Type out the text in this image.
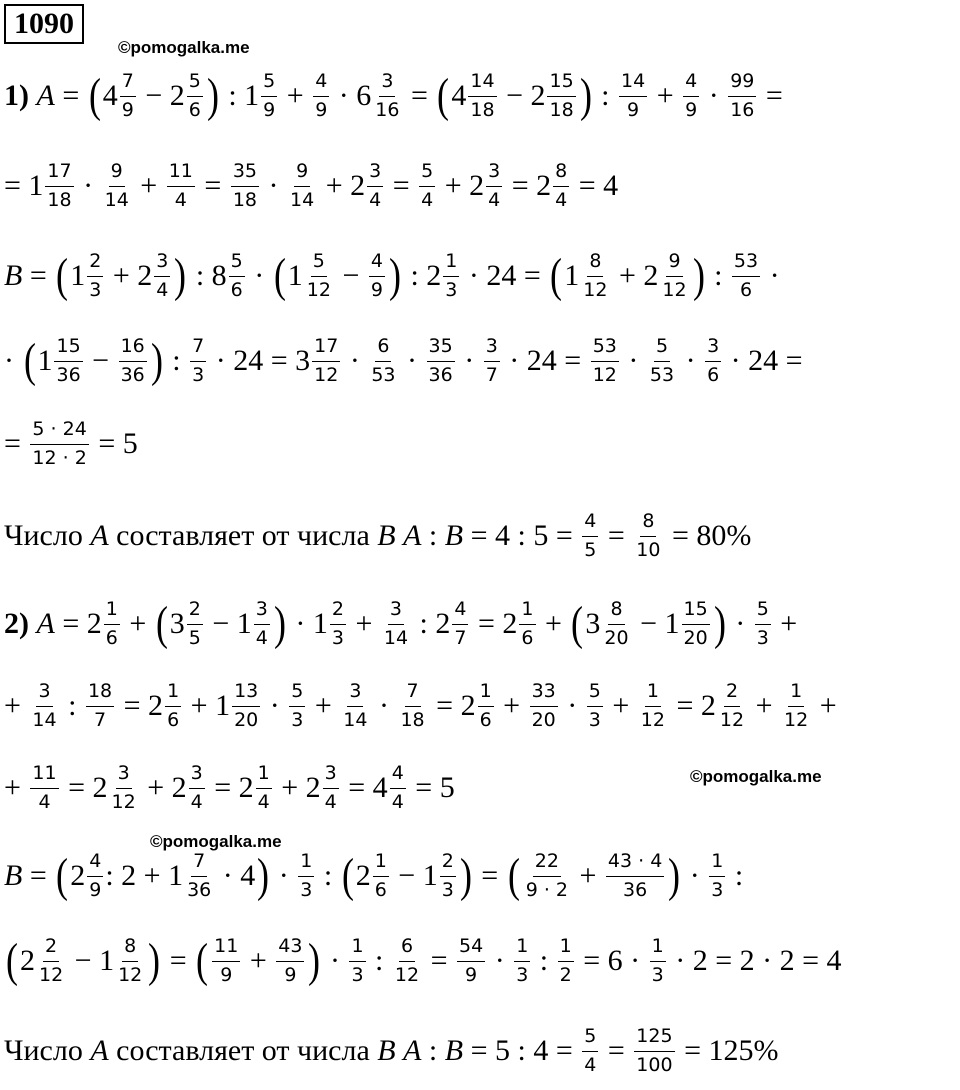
1090
©pomogalka.me
©pomogalka.me
©pomogalka.me
1) A = ( $4 \frac{7}{9} - 2 \frac{5}{6}$ ) : $1 \frac{5}{9} + \frac{4}{9} \cdot 6 \frac{3}{16}$ = ( $4 \frac{14}{18} - 2 \frac{15}{18}$ ) : $\frac{14}{9} + \frac{4}{9} \cdot \frac{99}{16}$ =
= $1 \frac{17}{18} \cdot \frac{9}{14} + \frac{11}{4} = \frac{35}{18} \cdot \frac{9}{14} + 2 \frac{3}{4} = \frac{5}{4} + 2 \frac{3}{4} = 2 \frac{8}{4} = 4$
B = ( $1 \frac{2}{3} + 2 \frac{3}{4}$ ) : $8 \frac{5}{6}$ · ( $1 \frac{5}{12} - \frac{4}{9}$ ) : $2 \frac{1}{3} \cdot 24$ = ( $1 \frac{8}{12} + 2 \frac{9}{12}$ ) : $\frac{53}{6}$ ·
· ( $1 \frac{15}{36} - \frac{16}{36}$ ) : $\frac{7}{3} \cdot 24 = 3 \frac{17}{12} \cdot \frac{6}{53} \cdot \frac{35}{36} \cdot \frac{3}{7} \cdot 24 = \frac{53}{12} \cdot \frac{5}{53} \cdot \frac{3}{6} \cdot 24$ =
= $\frac{5 \cdot 24}{12 \cdot 2} = 5$
Число A составляет от числа B
A : B = 4 : $5 = \frac{4}{5} = \frac{8}{10} = 80\%$
2) $A = 2 \frac{1}{6}$ + ( $3 \frac{2}{5} - 1 \frac{3}{4}$ ) · $1 \frac{2}{3} + \frac{3}{14}$ : $2 \frac{4}{7} = 2 \frac{1}{6}$ + ( $3 \frac{8}{20} - 1 \frac{15}{20}$ ) · $\frac{5}{3}$ +
+ $\frac{3}{14}$ : $\frac{18}{7} = 2 \frac{1}{6} + 1 \frac{13}{20} \cdot \frac{5}{3} + \frac{3}{14} \cdot \frac{7}{18} = 2 \frac{1}{6} + \frac{33}{20} \cdot \frac{5}{3} + \frac{1}{12} = 2 \frac{2}{12} + \frac{1}{12}$ +
+ $\frac{11}{4} = 2 \frac{3}{12} + 2 \frac{3}{4} = 2 \frac{1}{4} + 2 \frac{3}{4} = 4 \frac{4}{4} = 5$
B = ( $2 \frac{4}{9}$ : $2 + 1 \frac{7}{36} \cdot 4$ ) · $\frac{1}{3}$ : ( $2 \frac{1}{6} - 1 \frac{2}{3}$ ) = ( $\frac{22}{9 \cdot 2} + \frac{43 \cdot 4}{36}$ ) · $\frac{1}{3}$ :
( $2 \frac{2}{12} - 1 \frac{8}{12}$ ) = ( $\frac{11}{9} + \frac{43}{9}$ ) · $\frac{1}{3}$ : $\frac{6}{12} = \frac{54}{9} \cdot \frac{1}{3}$ : $\frac{1}{2} = 6 \cdot \frac{1}{3} \cdot 2 = 2 \cdot 2 = 4$
Число A составляет от числа B
A : B = 5 : $4 = \frac{5}{4} = \frac{125}{100} = 125\%$
